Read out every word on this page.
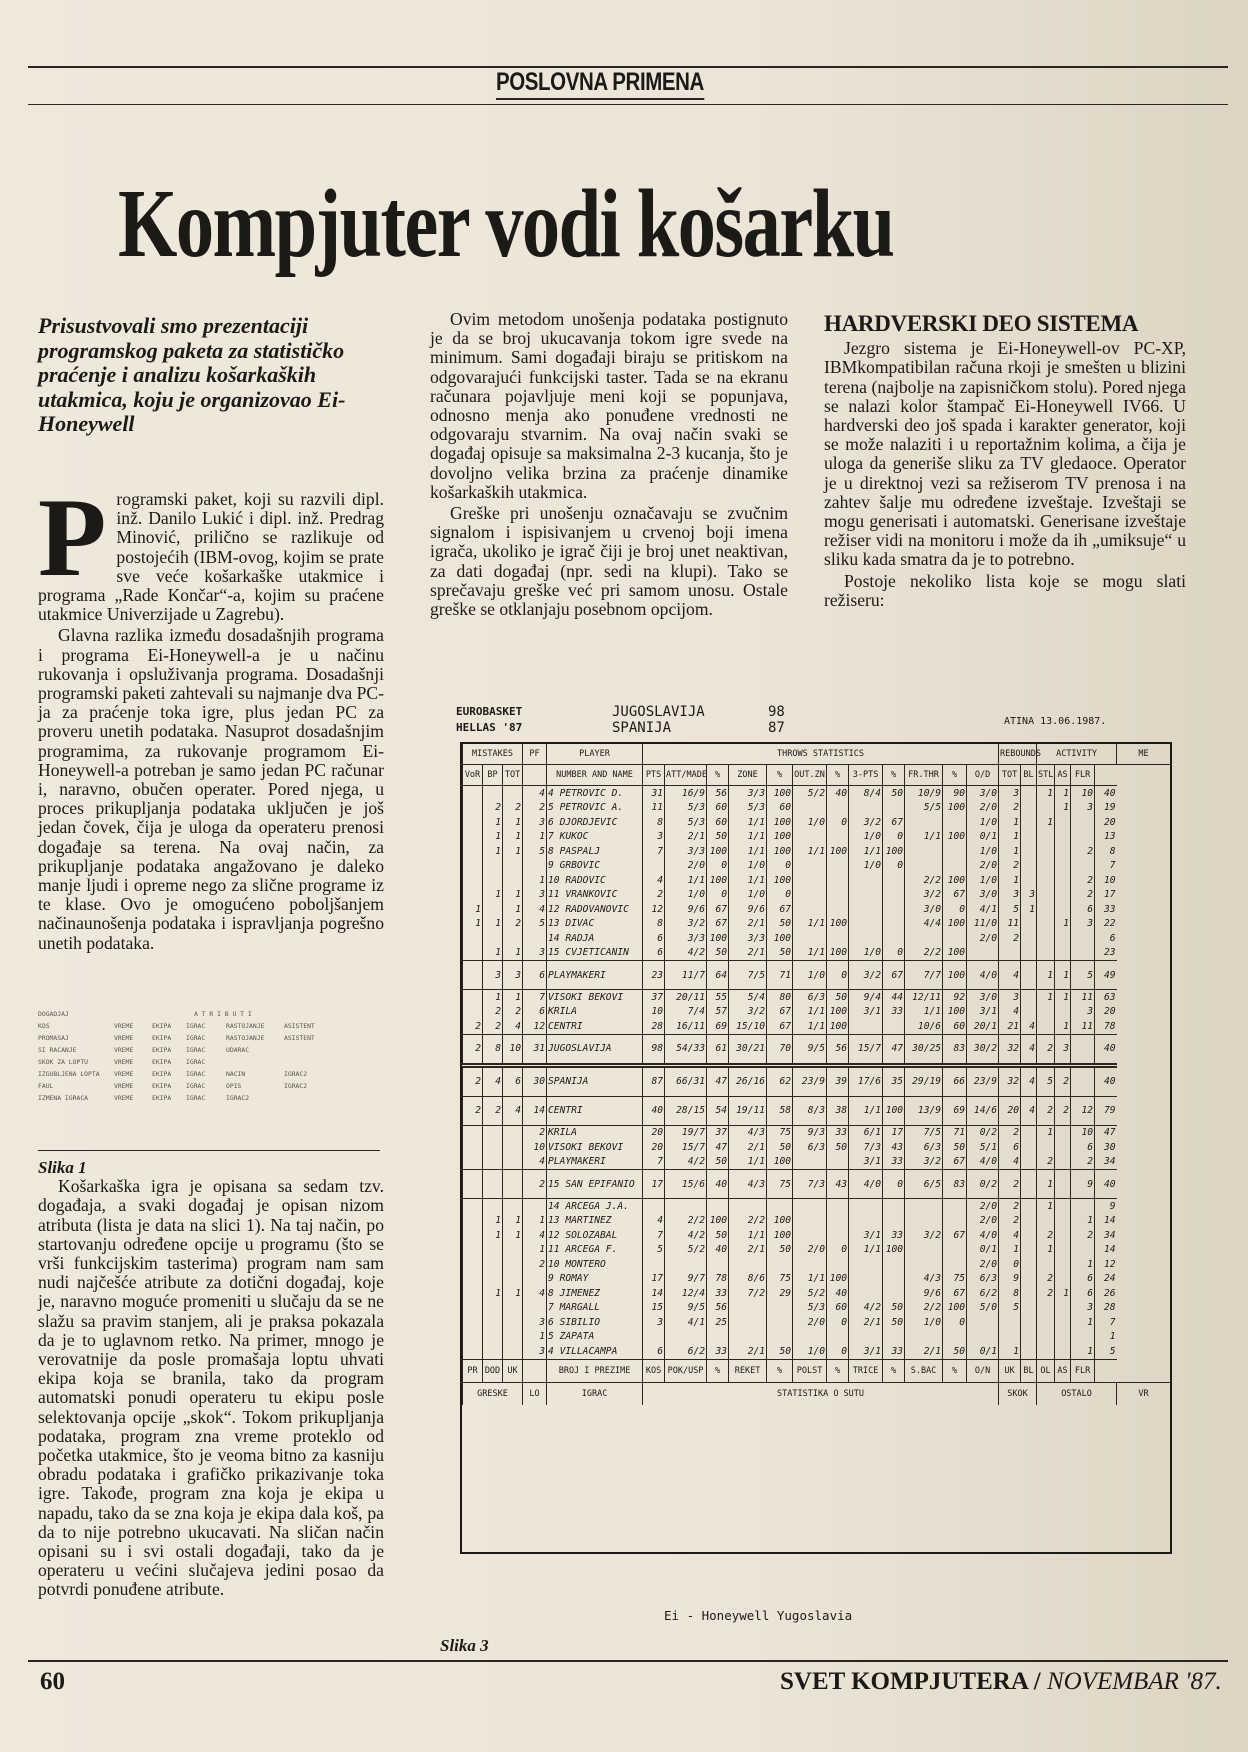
POSLOVNA PRIMENA
Kompjuter vodi košarku
Prisustvovali smo prezentaciji programskog paketa za statističko praćenje i analizu košarkaških utakmica, koju je organizovao Ei-Honeywell

Programski paket, koji su razvili dipl. inž. Danilo Lukić i dipl. inž. Predrag Minović, prilično se razlikuje od postojećih (IBM-ovog, kojim se prate sve veće košarkaške utakmice i programa „Rade Končar“-a, kojim su praćene utakmice Univerzijade u Zagrebu).

Glavna razlika između dosadašnjih programa i programa Ei-Honeywell-a je u načinu rukovanja i opsluživanja programa. Dosadašnji programski paketi zahtevali su najmanje dva PC-ja za praćenje toka igre, plus jedan PC za proveru unetih podataka. Nasuprot dosadašnjim programima, za rukovanje programom Ei-Honeywell-a potreban je samo jedan PC računar i, naravno, obučen operater. Pored njega, u proces prikupljanja podataka uključen je još jedan čovek, čija je uloga da operateru prenosi događaje sa terena. Na ovaj način, za prikupljanje podataka angažovano je daleko manje ljudi i opreme nego za slične programe iz te klase. Ovo je omogućeno poboljšanjem načinaunošenja podataka i ispravljanja pogrešno unetih podataka.

DOGADJAJ	A T R I B U T I
KOS	VREME	EKIPA	IGRAC	RASTOJANJE	ASISTENT
PROMASAJ	VREME	EKIPA	IGRAC	RASTOJANJE	ASISTENT
SI RACANJE	VREME	EKIPA	IGRAC	UDARAC
SKOK ZA LOPTU	VREME	EKIPA	IGRAC
IZGUBLJENA LOPTA	VREME	EKIPA	IGRAC	NACIN	IGRAC2
FAUL	VREME	EKIPA	IGRAC	OPIS	IGRAC2
IZMENA IGRACA	VREME	EKIPA	IGRAC	IGRAC2
Slika 1

Košarkaška igra je opisana sa sedam tzv. događaja, a svaki događaj je opisan nizom atributa (lista je data na slici 1). Na taj način, po startovanju određene opcije u programu (što se vrši funkcijskim tasterima) program nam sam nudi najčešće atribute za dotični događaj, koje je, naravno moguće promeniti u slučaju da se ne slažu sa pravim stanjem, ali je praksa pokazala da je to uglavnom retko. Na primer, mnogo je verovatnije da posle promašaja loptu uhvati ekipa koja se branila, tako da program automatski ponudi operateru tu ekipu posle selektovanja opcije „skok“. Tokom prikupljanja podataka, program zna vreme proteklo od početka utakmice, što je veoma bitno za kasniju obradu podataka i grafičko prikazivanje toka igre. Takođe, program zna koja je ekipa u napadu, tako da se zna koja je ekipa dala koš, pa da to nije potrebno ukucavati. Na sličan način opisani su i svi ostali događaji, tako da je operateru u većini slučajeva jedini posao da potvrdi ponuđene atribute.

Ovim metodom unošenja podataka postignuto je da se broj ukucavanja tokom igre svede na minimum. Sami događaji biraju se pritiskom na odgovarajući funkcijski taster. Tada se na ekranu računara pojavljuje meni koji se popunjava, odnosno menja ako ponuđene vrednosti ne odgovaraju stvarnim. Na ovaj način svaki se događaj opisuje sa maksimalna 2-3 kucanja, što je dovoljno velika brzina za praćenje dinamike košarkaških utakmica.

Greške pri unošenju označavaju se zvučnim signalom i ispisivanjem u crvenoj boji imena igrača, ukoliko je igrač čiji je broj unet neaktivan, za dati događaj (npr. sedi na klupi). Tako se sprečavaju greške već pri samom unosu. Ostale greške se otklanjaju posebnom opcijom.

HARDVERSKI DEO SISTEMA

Jezgro sistema je Ei-Honeywell-ov PC-XP, IBMkompatibilan računa rkoji je smešten u blizini terena (najbolje na zapisničkom stolu). Pored njega se nalazi kolor štampač Ei-Honeywell IV66. U hardverski deo još spada i karakter generator, koji se može nalaziti i u reportažnim kolima, a čija je uloga da generiše sliku za TV gledaoce. Operator je u direktnoj vezi sa režiserom TV prenosa i na zahtev šalje mu određene izveštaje. Izveštaji se mogu generisati i automatski. Generisane izveštaje režiser vidi na monitoru i može da ih „umiksuje“ u sliku kada smatra da je to potrebno.

Postoje nekoliko lista koje se mogu slati režiseru:

EUROBASKET
HELLAS '87
JUGOSLAVIJA	98
SPANIJA	87	ATINA 13.06.1987.
MISTAKES			PF	PLAYER	THROWS STATISTICS												REBOUNDS		ACTIVITY				ME
VoR	BP	TOT		NUMBER AND NAME	PTS	ATT/MADE	%	ZONE	%	OUT.ZN	%	3-PTS	%	FR.THR	%	O/D	TOT	BL	STL	AS	FLR		
			4	4 PETROVIC D.	31	16/9	56	3/3	100	5/2	40	8/4	50	10/9	90	3/0	3		1	1	10	40	
	2	2	2	5 PETROVIC A.	11	5/3	60	5/3	60					5/5	100	2/0	2			1	3	19	
	1	1	3	6 DJORDJEVIC	8	5/3	60	1/1	100	1/0	0	3/2	67			1/0	1		1			20	
	1	1	1	7 KUKOC	3	2/1	50	1/1	100			1/0	0	1/1	100	0/1	1					13	
	1	1	5	8 PASPALJ	7	3/3	100	1/1	100	1/1	100	1/1	100			1/0	1				2	8	
				9 GRBOVIC		2/0	0	1/0	0			1/0	0			2/0	2					7	
			1	10 RADOVIC	4	1/1	100	1/1	100					2/2	100	1/0	1				2	10	
	1	1	3	11 VRANKOVIC	2	1/0	0	1/0	0					3/2	67	3/0	3	3			2	17	
1		1	4	12 RADOVANOVIC	12	9/6	67	9/6	67					3/0	0	4/1	5	1			6	33	
1	1	2	5	13 DIVAC	8	3/2	67	2/1	50	1/1	100			4/4	100	11/0	11			1	3	22	
				14 RADJA	6	3/3	100	3/3	100							2/0	2					6	
	1	1	3	15 CVJETICANIN	6	4/2	50	2/1	50	1/1	100	1/0	0	2/2	100							23	
	3	3	6	PLAYMAKERI	23	11/7	64	7/5	71	1/0	0	3/2	67	7/7	100	4/0	4		1	1	5	49	
	1	1	7	VISOKI BEKOVI	37	20/11	55	5/4	80	6/3	50	9/4	44	12/11	92	3/0	3		1	1	11	63	
	2	2	6	KRILA	10	7/4	57	3/2	67	1/1	100	3/1	33	1/1	100	3/1	4				3	20	
2	2	4	12	CENTRI	28	16/11	69	15/10	67	1/1	100			10/6	60	20/1	21	4		1	11	78	
2	8	10	31	JUGOSLAVIJA	98	54/33	61	30/21	70	9/5	56	15/7	47	30/25	83	30/2	32	4	2	3		40	
2	4	6	30	SPANIJA	87	66/31	47	26/16	62	23/9	39	17/6	35	29/19	66	23/9	32	4	5	2		40	
2	2	4	14	CENTRI	40	28/15	54	19/11	58	8/3	38	1/1	100	13/9	69	14/6	20	4	2	2	12	79	
			2	KRILA	20	19/7	37	4/3	75	9/3	33	6/1	17	7/5	71	0/2	2		1		10	47	
			10	VISOKI BEKOVI	20	15/7	47	2/1	50	6/3	50	7/3	43	6/3	50	5/1	6				6	30	
			4	PLAYMAKERI	7	4/2	50	1/1	100			3/1	33	3/2	67	4/0	4		2		2	34	
			2	15 SAN EPIFANIO	17	15/6	40	4/3	75	7/3	43	4/0	0	6/5	83	0/2	2		1		9	40	
				14 ARCEGA J.A.												2/0	2		1			9	
	1	1	1	13 MARTINEZ	4	2/2	100	2/2	100							2/0	2				1	14	
	1	1	4	12 SOLOZABAL	7	4/2	50	1/1	100			3/1	33	3/2	67	4/0	4		2		2	34	
			1	11 ARCEGA F.	5	5/2	40	2/1	50	2/0	0	1/1	100			0/1	1		1			14	
			2	10 MONTERO												2/0	0				1	12	
				9 ROMAY	17	9/7	78	8/6	75	1/1	100			4/3	75	6/3	9		2		6	24	
	1	1	4	8 JIMENEZ	14	12/4	33	7/2	29	5/2	40			9/6	67	6/2	8		2	1	6	26	
				7 MARGALL	15	9/5	56			5/3	60	4/2	50	2/2	100	5/0	5				3	28	
			3	6 SIBILIO	3	4/1	25			2/0	0	2/1	50	1/0	0						1	7	
			1	5 ZAPATA																		1	
			3	4 VILLACAMPA	6	6/2	33	2/1	50	1/0	0	3/1	33	2/1	50	0/1	1				1	5	
PR	DOD	UK		BROJ I PREZIME	KOS	POK/USP	%	REKET	%	POLST	%	TRICE	%	S.BAC	%	O/N	UK	BL	OL	AS	FLR		
GRESKE			LO	IGRAC	STATISTIKA O SUTU												SKOK		OSTALO				VR
Ei - Honeywell Yugoslavia
Slika 3
60	SVET KOMPJUTERA / NOVEMBAR '87.
